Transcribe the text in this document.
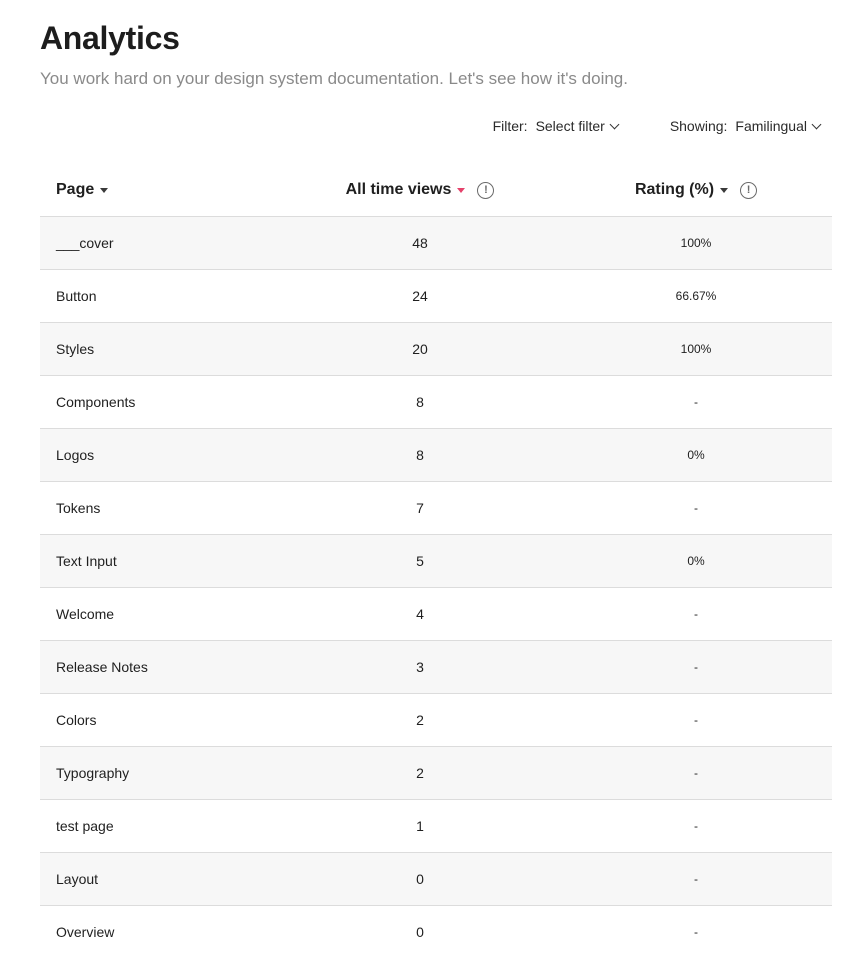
Analytics

You work hard on your design system documentation. Let's see how it's doing.

Filter: Select filter	Showing: Familingual
Page	All time views	!	Rating (%)	!
___cover	48	100%
Button	24	66.67%
Styles	20	100%
Components	8	-
Logos	8	0%
Tokens	7	-
Text Input	5	0%
Welcome	4	-
Release Notes	3	-
Colors	2	-
Typography	2	-
test page	1	-
Layout	0	-
Overview	0	-
